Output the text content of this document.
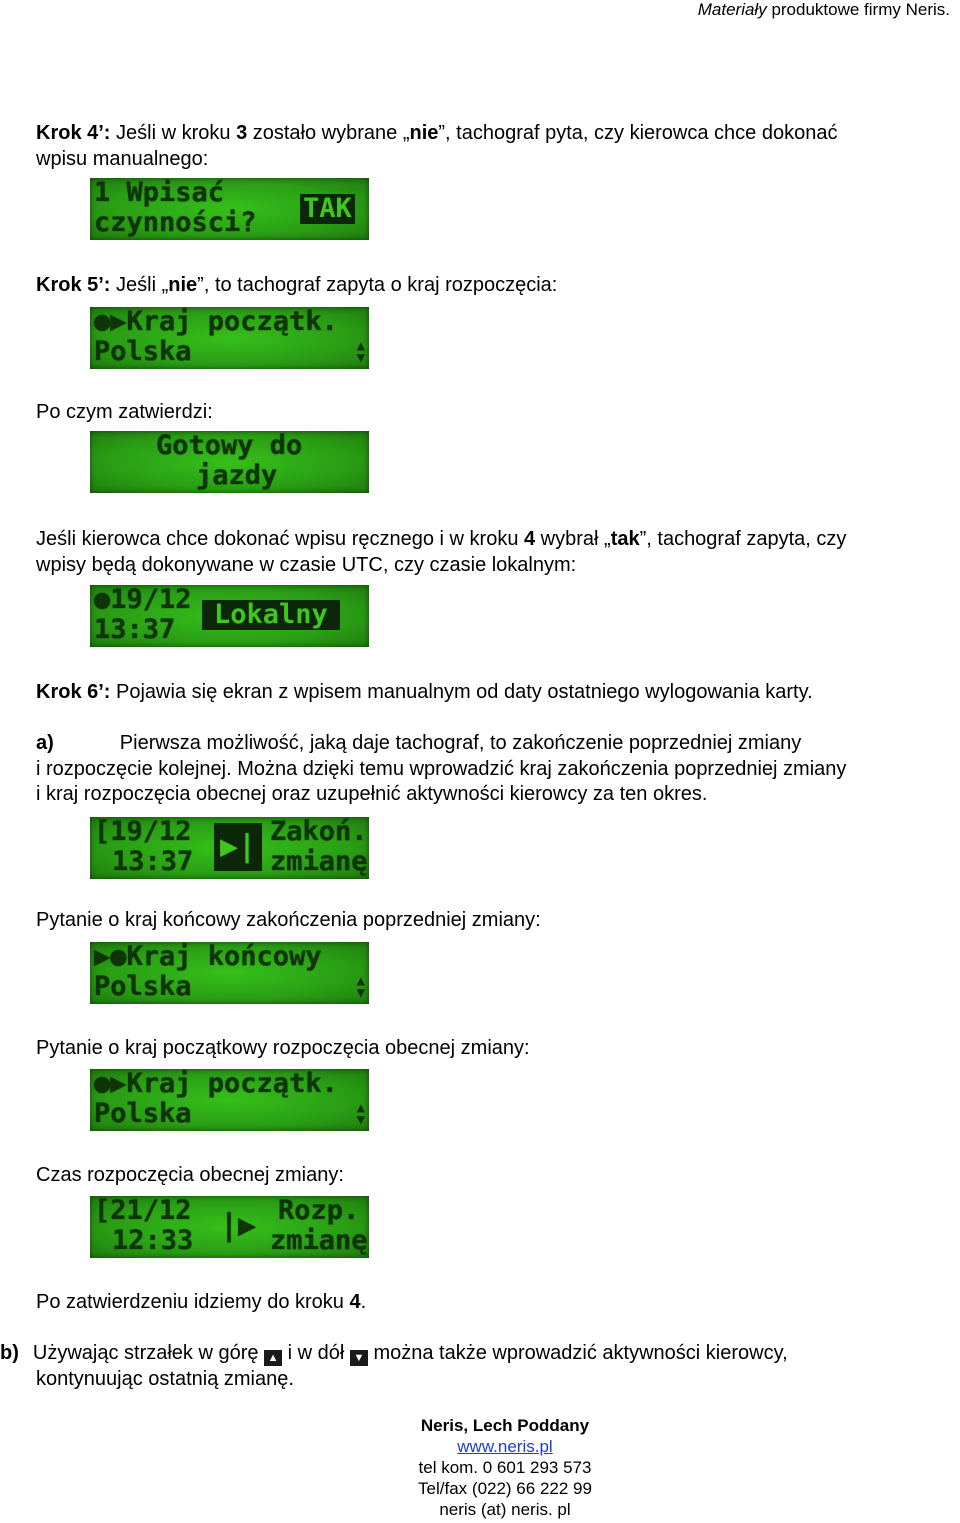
Materiały produktowe firmy Neris.
Krok 4’: Jeśli w kroku 3 zostało wybrane „nie”, tachograf pyta, czy kierowca chce dokonać
wpisu manualnego:
1 Wpisać
czynności? TAK
Krok 5’: Jeśli „nie”, to tachograf zapyta o kraj rozpoczęcia:
●▶Kraj początk.
Polska	▲
▼
Po czym zatwierdzi:
Gotowy do
jazdy
Jeśli kierowca chce dokonać wpisu ręcznego i w kroku 4 wybrał „tak”, tachograf zapyta, czy
wpisy będą dokonywane w czasie UTC, czy czasie lokalnym:
●19/12
13:37	Lokalny
Krok 6’: Pojawia się ekran z wpisem manualnym od daty ostatniego wylogowania karty.
a)	Pierwsza możliwość, jaką daje tachograf, to zakończenie poprzedniej zmiany
i rozpoczęcie kolejnej. Można dzięki temu wprowadzić kraj zakończenia poprzedniej zmiany
i kraj rozpoczęcia obecnej oraz uzupełnić aktywności kierowcy za ten okres.
[19/12
13:37 ▶| Zakoń.
zmianę
Pytanie o kraj końcowy zakończenia poprzedniej zmiany:
▶●Kraj końcowy
Polska	▲
▼
Pytanie o kraj początkowy rozpoczęcia obecnej zmiany:
●▶Kraj początk.
Polska	▲
▼
Czas rozpoczęcia obecnej zmiany:
[21/12
12:33 |▶ Rozp.
zmianę
Po zatwierdzeniu idziemy do kroku 4.
b) Używając strzałek w górę ▲ i w dół ▼ można także wprowadzić aktywności kierowcy,
kontynuując ostatnią zmianę.
Neris, Lech Poddany
www.neris.pl
tel kom. 0 601 293 573
Tel/fax (022) 66 222 99
neris (at) neris. pl
